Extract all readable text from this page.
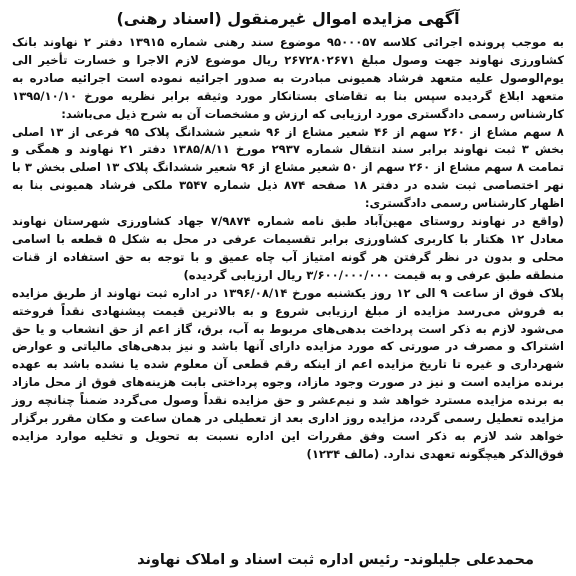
آگهی مزایده اموال غیرمنقول (اسناد رهنی)

به موجب پرونده اجرائی کلاسه ۹۵۰۰۰۵۷ موضوع سند رهنی شماره ۱۳۹۱۵ دفتر ۲ نهاوند بانک کشاورزی نهاوند جهت وصول مبلغ ۲۶۷۲۸۰۲۶۷۱ ریال موضوع لازم الاجرا و خسارت تأخیر الی یوم‌الوصول علیه متعهد فرشاد همیونی مبادرت به صدور اجرائیه نموده است اجرائیه صادره به متعهد ابلاغ گردیده سپس بنا به تقاضای بستانکار مورد وثیقه برابر نظریه مورخ ۱۳۹۵/۱۰/۱۰ کارشناس رسمی دادگستری مورد ارزیابی که ارزش و مشخصات آن به شرح ذیل می‌باشد:

۸ سهم مشاع از ۲۶۰ سهم از ۴۶ شعیر مشاع از ۹۶ شعیر ششدانگ پلاک ۹۵ فرعی از ۱۳ اصلی بخش ۳ ثبت نهاوند برابر سند انتقال شماره ۲۹۳۷ مورخ ۱۳۸۵/۸/۱۱ دفتر ۲۱ نهاوند و همگی و تمامت ۸ سهم مشاع از ۲۶۰ سهم از ۵۰ شعیر مشاع از ۹۶ شعیر ششدانگ پلاک ۱۳ اصلی بخش ۳ با نهر اختصاصی ثبت شده در دفتر ۱۸ صفحه ۸۷۴ ذیل شماره ۳۵۴۷ ملکی فرشاد همیونی بنا به اظهار کارشناس رسمی دادگستری:

(واقع در نهاوند روستای مهین‌آباد طبق نامه شماره ۷/۹۸۷۴ جهاد کشاورزی شهرستان نهاوند معادل ۱۲ هکتار با کاربری کشاورزی برابر تقسیمات عرفی در محل به شکل ۵ قطعه با اسامی محلی و بدون در نظر گرفتن هر گونه امتیاز آب چاه عمیق و با توجه به حق استفاده از قنات منطقه طبق عرفی و به قیمت ۳/۶۰۰/۰۰۰/۰۰۰ ریال ارزیابی گردیده)

پلاک فوق از ساعت ۹ الی ۱۲ روز یکشنبه مورخ ۱۳۹۶/۰۸/۱۴ در اداره ثبت نهاوند از طریق مزایده به فروش می‌رسد مزایده از مبلغ ارزیابی شروع و به بالاترین قیمت پیشنهادی نقداً فروخته می‌شود لازم به ذکر است پرداخت بدهی‌های مربوط به آب، برق، گاز اعم از حق انشعاب و یا حق اشتراک و مصرف در صورتی که مورد مزایده دارای آنها باشد و نیز بدهی‌های مالیاتی و عوارض شهرداری و غیره تا تاریخ مزایده اعم از اینکه رقم قطعی آن معلوم شده یا نشده باشد به عهده برنده مزایده است و نیز در صورت وجود مازاد، وجوه پرداختی بابت هزینه‌های فوق از محل مازاد به برنده مزایده مسترد خواهد شد و نیم‌عشر و حق مزایده نقداً وصول می‌گردد ضمناً چنانچه روز مزایده تعطیل رسمی گردد، مزایده روز اداری بعد از تعطیلی در همان ساعت و مکان مقرر برگزار خواهد شد لازم به ذکر است وفق مقررات این اداره نسبت به تحویل و تخلیه موارد مزایده فوق‌الذکر هیچگونه تعهدی ندارد. (مالف ۱۲۳۴)

محمدعلی جلیلوند- رئیس اداره ثبت اسناد و املاک نهاوند
